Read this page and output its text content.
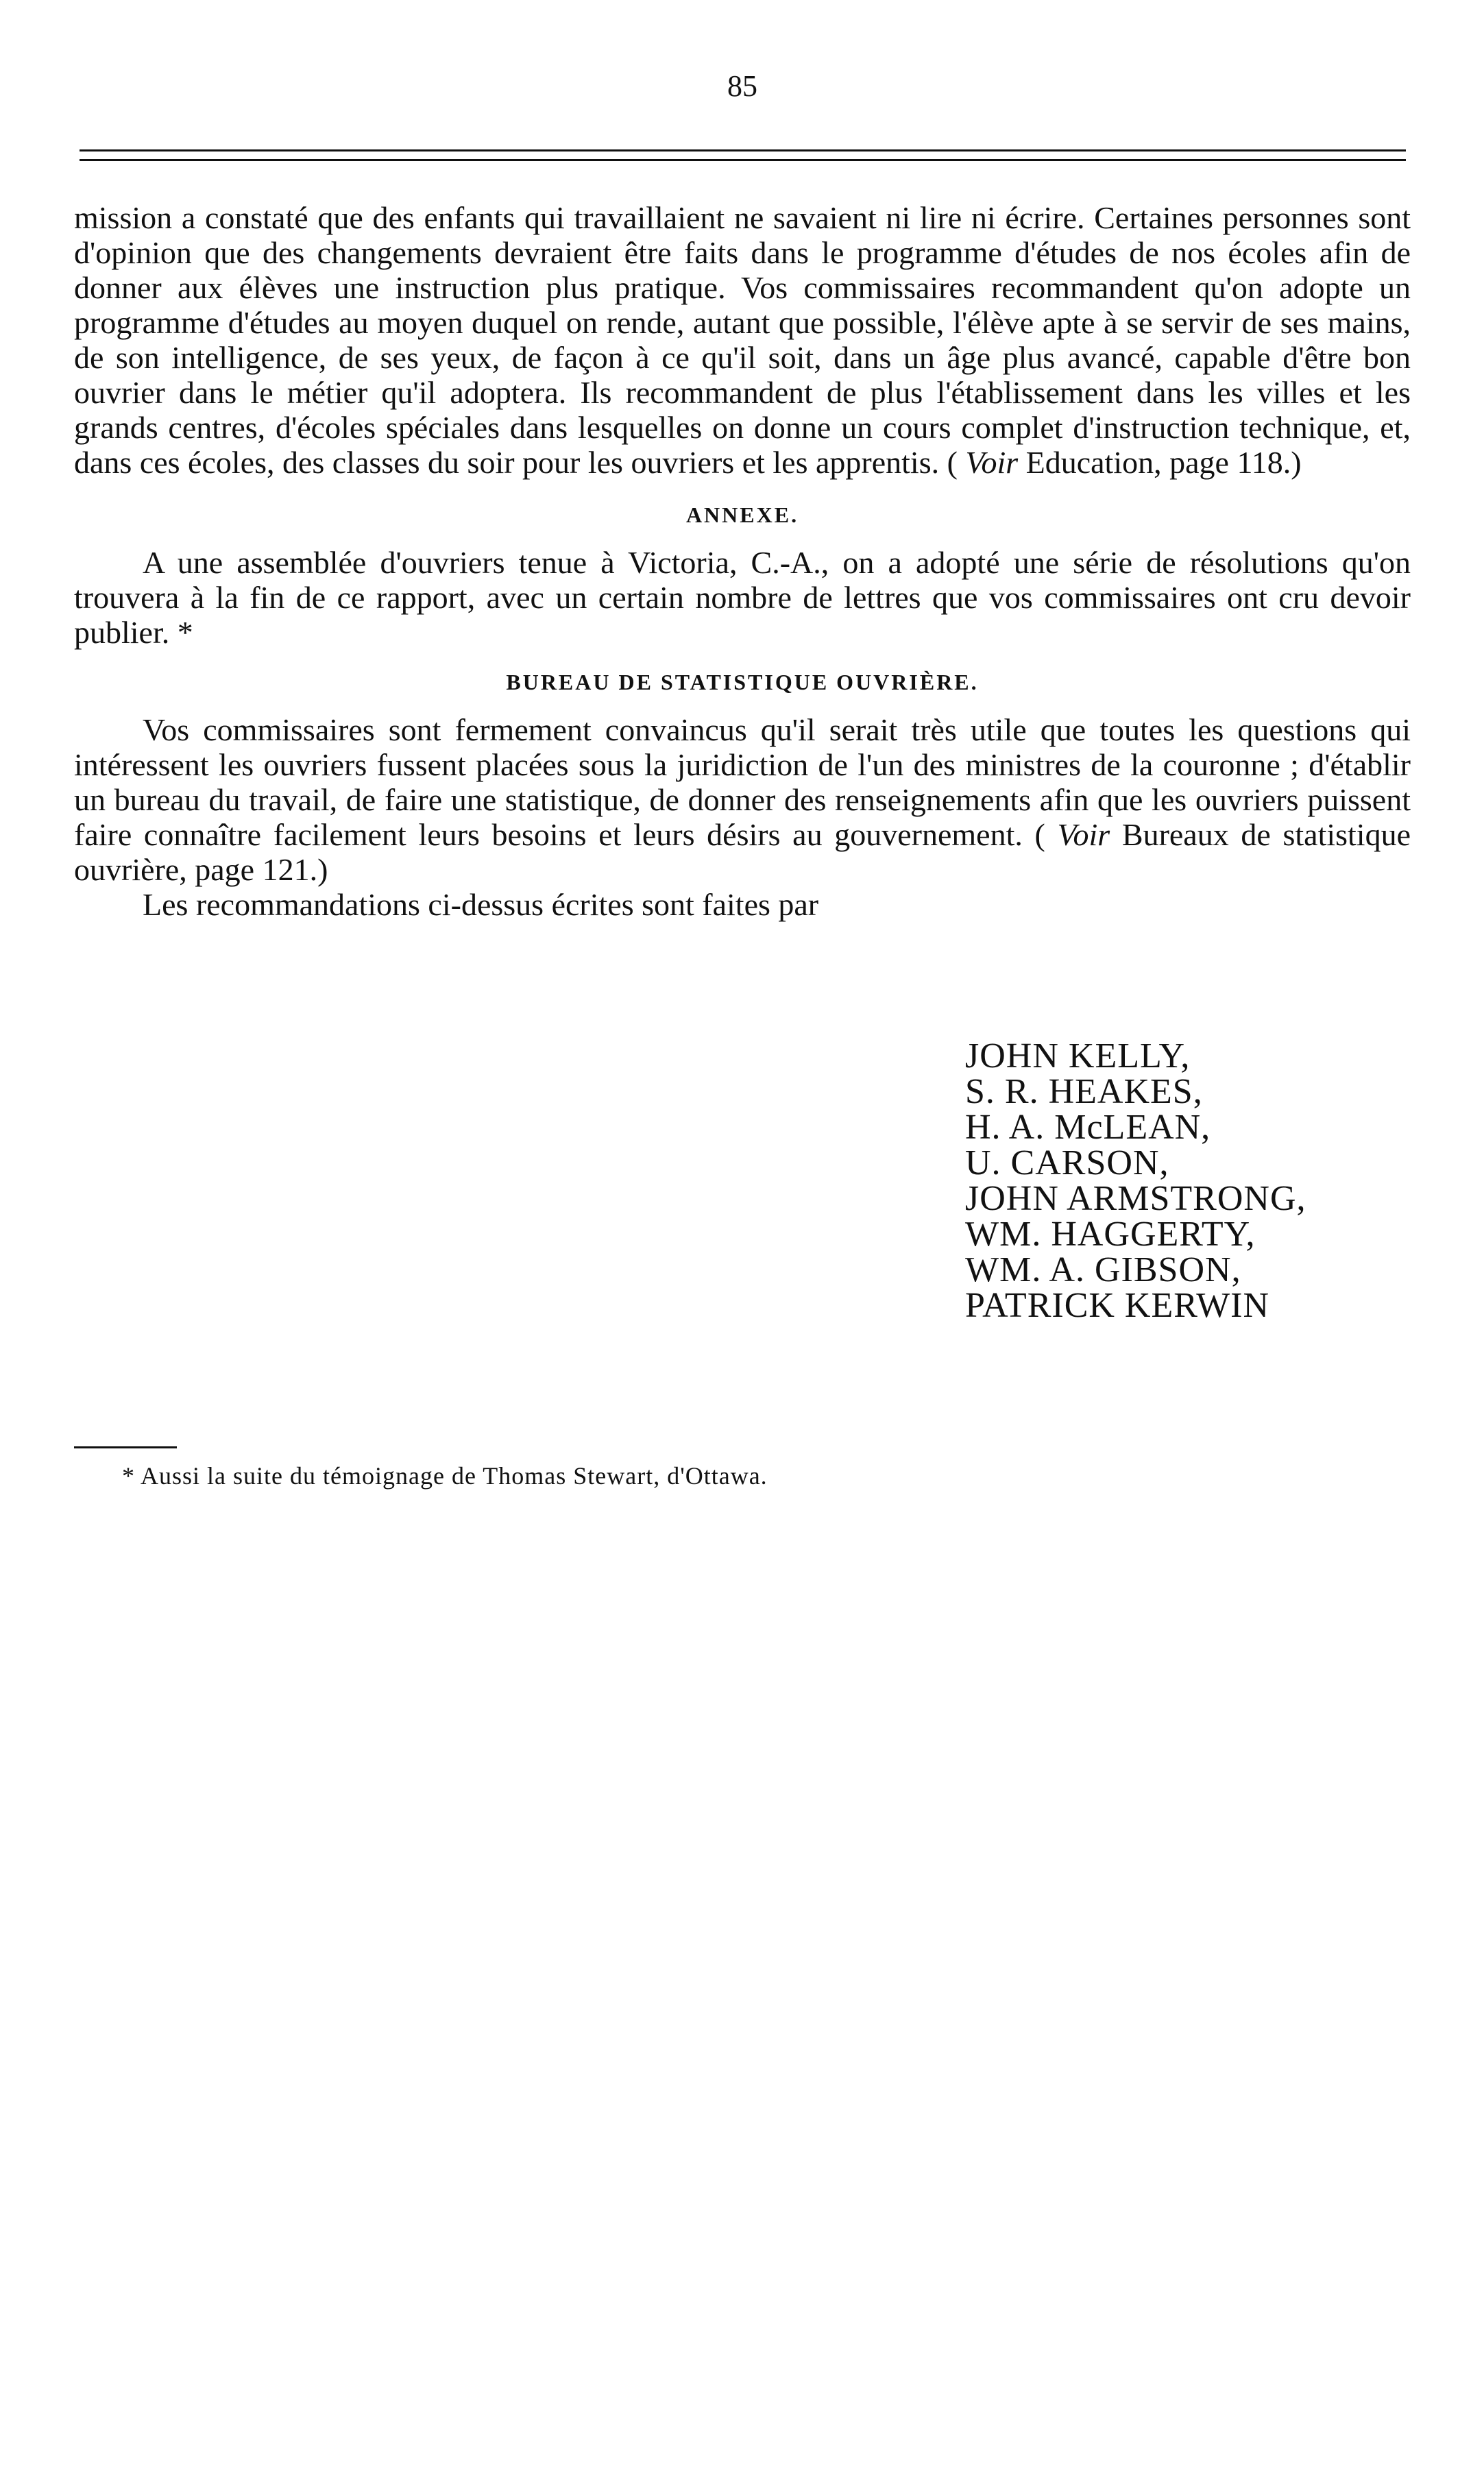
85

mission a constaté que des enfants qui travaillaient ne savaient ni lire ni écrire. Certaines personnes sont d'opinion que des changements devraient être faits dans le programme d'études de nos écoles afin de donner aux élèves une instruction plus pratique. Vos commissaires recommandent qu'on adopte un programme d'études au moyen duquel on rende, autant que possible, l'élève apte à se servir de ses mains, de son intelligence, de ses yeux, de façon à ce qu'il soit, dans un âge plus avancé, capable d'être bon ouvrier dans le métier qu'il adoptera. Ils recommandent de plus l'établissement dans les villes et les grands centres, d'écoles spéciales dans lesquelles on donne un cours complet d'instruction technique, et, dans ces écoles, des classes du soir pour les ouvriers et les apprentis. ( Voir Education, page 118.)

ANNEXE.

A une assemblée d'ouvriers tenue à Victoria, C.-A., on a adopté une série de résolutions qu'on trouvera à la fin de ce rapport, avec un certain nombre de lettres que vos commissaires ont cru devoir publier. *

BUREAU DE STATISTIQUE OUVRIÈRE.

Vos commissaires sont fermement convaincus qu'il serait très utile que toutes les questions qui intéressent les ouvriers fussent placées sous la juridiction de l'un des ministres de la couronne ; d'établir un bureau du travail, de faire une statistique, de donner des renseignements afin que les ouvriers puissent faire connaître facilement leurs besoins et leurs désirs au gouvernement. ( Voir Bureaux de statistique ouvrière, page 121.)

Les recommandations ci-dessus écrites sont faites par

JOHN KELLY,
S. R. HEAKES,
H. A. McLEAN,
U. CARSON,
JOHN ARMSTRONG,
WM. HAGGERTY,
WM. A. GIBSON,
PATRICK KERWIN
* Aussi la suite du témoignage de Thomas Stewart, d'Ottawa.
